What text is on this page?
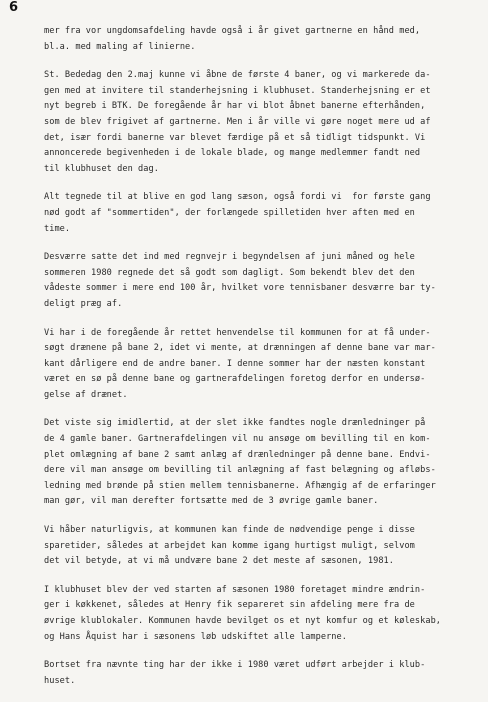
6
mer fra vor ungdomsafdeling havde også i år givet gartnerne en hånd med,
bl.a. med maling af linierne.
St. Bededag den 2.maj kunne vi åbne de første 4 baner, og vi markerede da-
gen med at invitere til standerhejsning i klubhuset. Standerhejsning er et
nyt begreb i BTK. De foregående år har vi blot åbnet banerne efterhånden,
som de blev frigivet af gartnerne. Men i år ville vi gøre noget mere ud af
det, især fordi banerne var blevet færdige på et så tidligt tidspunkt. Vi
annoncerede begivenheden i de lokale blade, og mange medlemmer fandt ned
til klubhuset den dag.
Alt tegnede til at blive en god lang sæson, også fordi vi  for første gang
nød godt af "sommertiden", der forlængede spilletiden hver aften med en
time.
Desværre satte det ind med regnvejr i begyndelsen af juni måned og hele
sommeren 1980 regnede det så godt som dagligt. Som bekendt blev det den
vådeste sommer i mere end 100 år, hvilket vore tennisbaner desværre bar ty-
deligt præg af.
Vi har i de foregående år rettet henvendelse til kommunen for at få under-
søgt drænene på bane 2, idet vi mente, at drænningen af denne bane var mar-
kant dårligere end de andre baner. I denne sommer har der næsten konstant
været en sø på denne bane og gartnerafdelingen foretog derfor en undersø-
gelse af drænet.
Det viste sig imidlertid, at der slet ikke fandtes nogle drænledninger på
de 4 gamle baner. Gartnerafdelingen vil nu ansøge om bevilling til en kom-
plet omlægning af bane 2 samt anlæg af drænledninger på denne bane. Endvi-
dere vil man ansøge om bevilling til anlægning af fast belægning og afløbs-
ledning med brønde på stien mellem tennisbanerne. Afhængig af de erfaringer
man gør, vil man derefter fortsætte med de 3 øvrige gamle baner.
Vi håber naturligvis, at kommunen kan finde de nødvendige penge i disse
sparetider, således at arbejdet kan komme igang hurtigst muligt, selvom
det vil betyde, at vi må undvære bane 2 det meste af sæsonen, 1981.
I klubhuset blev der ved starten af sæsonen 1980 foretaget mindre ændrin-
ger i køkkenet, således at Henry fik separeret sin afdeling mere fra de
øvrige klublokaler. Kommunen havde bevilget os et nyt komfur og et køleskab,
og Hans Åquist har i sæsonens løb udskiftet alle lamperne.
Bortset fra nævnte ting har der ikke i 1980 været udført arbejder i klub-
huset.
